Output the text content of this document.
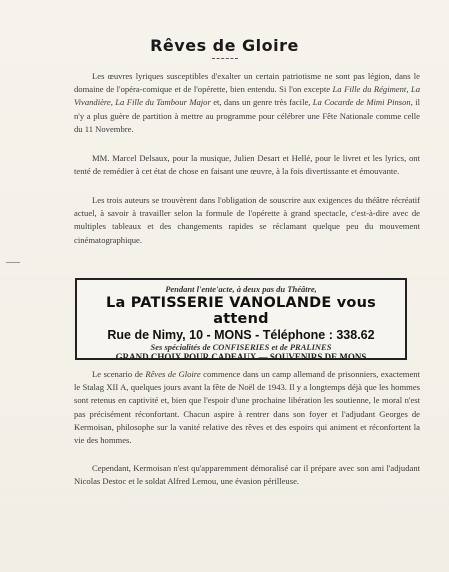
Rêves de Gloire
Les œuvres lyriques susceptibles d'exalter un certain patriotisme ne sont pas légion, dans le domaine de l'opéra-comique et de l'opérette, bien entendu. Si l'on excepte La Fille du Régiment, La Vivandière, La Fille du Tambour Major et, dans un genre très facile, La Cocarde de Mimi Pinson, il n'y a plus guère de partition à mettre au programme pour célébrer une Fête Nationale comme celle du 11 Novembre.
MM. Marcel Delsaux, pour la musique, Julien Desart et Hellé, pour le livret et les lyrics, ont tenté de remédier à cet état de chose en faisant une œuvre, à la fois divertissante et émouvante.
Les trois auteurs se trouvèrent dans l'obligation de souscrire aux exigences du théâtre récréatif actuel, à savoir à travailler selon la formule de l'opérette à grand spectacle, c'est-à-dire avec de multiples tableaux et des changements rapides se réclamant quelque peu du mouvement cinématographique.
Pendant l'ente'acte, à deux pas du Théâtre,
La PATISSERIE VANOLANDE vous attend
Rue de Nimy, 10 - MONS - Téléphone : 338.62
Ses spécialités de CONFISERIES et de PRALINES
GRAND CHOIX POUR CADEAUX — SOUVENIRS DE MONS
Le scenario de Rêves de Gloire commence dans un camp allemand de prisonniers, exactement le Stalag XII A, quelques jours avant la fête de Noël de 1943. Il y a longtemps déjà que les hommes sont retenus en captivité et, bien que l'espoir d'une prochaine libération les soutienne, le moral n'est pas précisément réconfortant. Chacun aspire à rentrer dans son foyer et l'adjudant Georges de Kermoisan, philosophe sur la vanité relative des rêves et des espoirs qui animent et réconfortent la vie des hommes.
Cependant, Kermoisan n'est qu'apparemment démoralisé car il prépare avec son ami l'adjudant Nicolas Destoc et le soldat Alfred Lemou, une évasion périlleuse.
